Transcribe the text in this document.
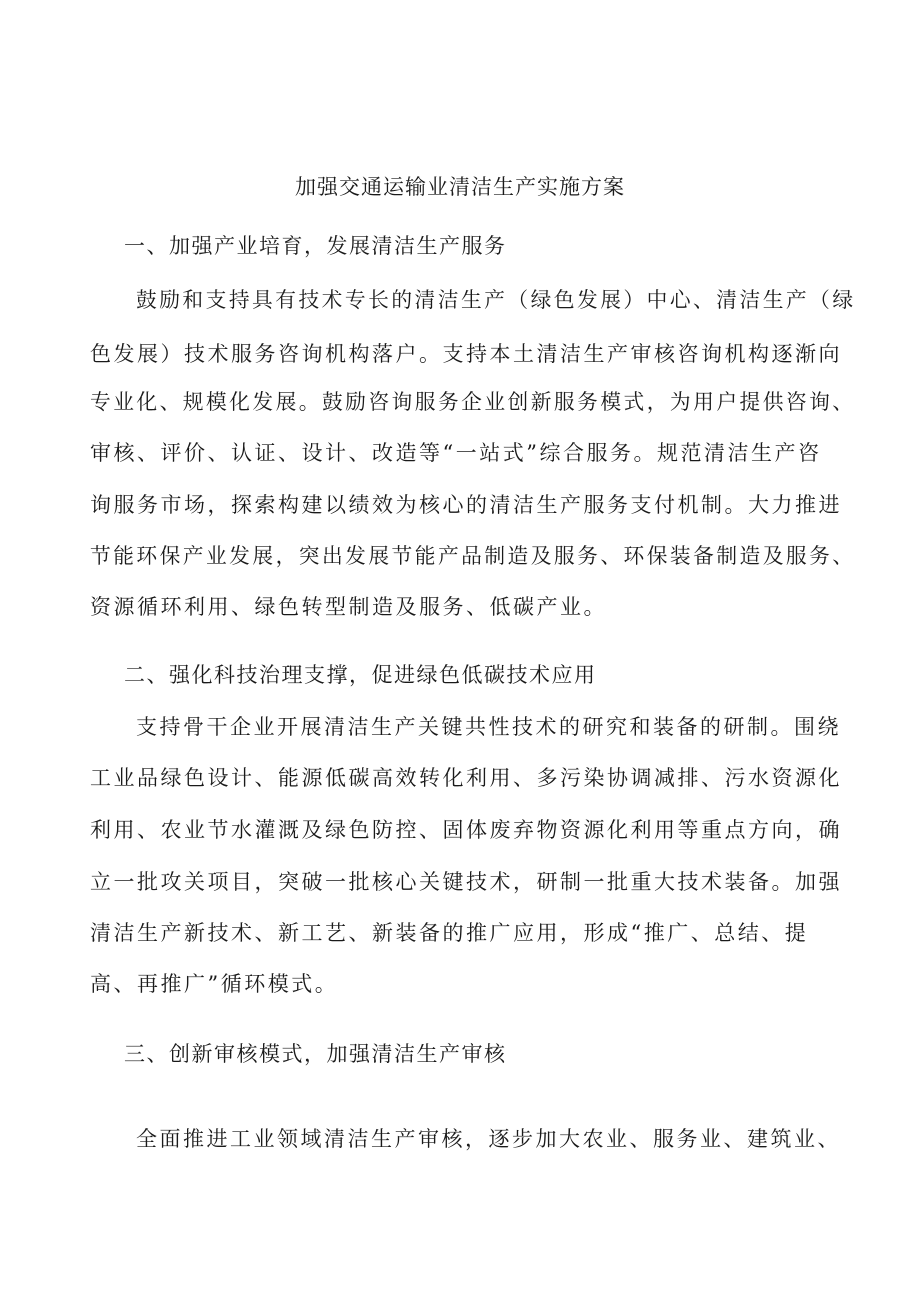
加强交通运输业清洁生产实施方案
一、加强产业培育，发展清洁生产服务
鼓励和支持具有技术专长的清洁生产（绿色发展）中心、清洁生产（绿
色发展）技术服务咨询机构落户。支持本土清洁生产审核咨询机构逐渐向
专业化、规模化发展。鼓励咨询服务企业创新服务模式，为用户提供咨询、
审核、评价、认证、设计、改造等“一站式”综合服务。规范清洁生产咨
询服务市场，探索构建以绩效为核心的清洁生产服务支付机制。大力推进
节能环保产业发展，突出发展节能产品制造及服务、环保装备制造及服务、
资源循环利用、绿色转型制造及服务、低碳产业。
二、强化科技治理支撑，促进绿色低碳技术应用
支持骨干企业开展清洁生产关键共性技术的研究和装备的研制。围绕
工业品绿色设计、能源低碳高效转化利用、多污染协调减排、污水资源化
利用、农业节水灌溉及绿色防控、固体废弃物资源化利用等重点方向，确
立一批攻关项目，突破一批核心关键技术，研制一批重大技术装备。加强
清洁生产新技术、新工艺、新装备的推广应用，形成“推广、总结、提
高、再推广”循环模式。
三、创新审核模式，加强清洁生产审核
全面推进工业领域清洁生产审核，逐步加大农业、服务业、建筑业、
